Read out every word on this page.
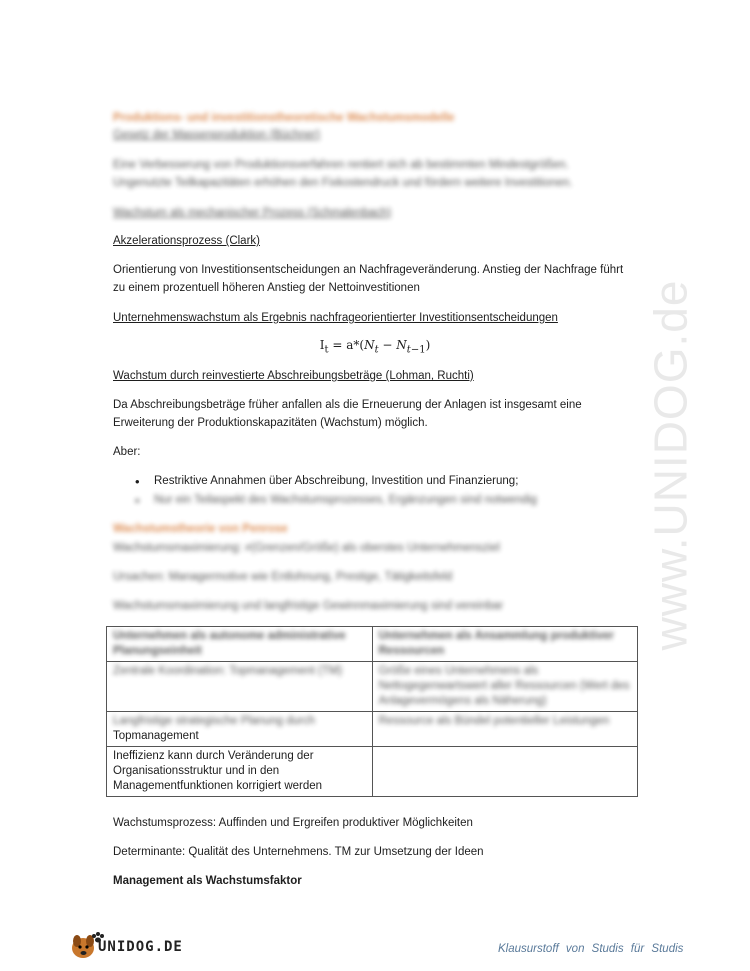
www.UNIDOG.de
Produktions- und investitionstheoretische Wachstumsmodelle
Gesetz der Massenproduktion (Büchner)
Eine Verbesserung von Produktionsverfahren rentiert sich ab bestimmten Mindestgrößen.
Ungenutzte Teilkapazitäten erhöhen den Fixkostendruck und fördern weitere Investitionen.
Wachstum als mechanischer Prozess (Schmalenbach)
Akzelerationsprozess (Clark)
Orientierung von Investitionsentscheidungen an Nachfrageveränderung. Anstieg der Nachfrage führt
zu einem prozentuell höheren Anstieg der Nettoinvestitionen
Unternehmenswachstum als Ergebnis nachfrageorientierter Investitionsentscheidungen
$I_t = a*(N_t - N_{t-1})$
Wachstum durch reinvestierte Abschreibungsbeträge (Lohman, Ruchti)
Da Abschreibungsbeträge früher anfallen als die Erneuerung der Anlagen ist insgesamt eine
Erweiterung der Produktionskapazitäten (Wachstum) möglich.
Aber:
• Restriktive Annahmen über Abschreibung, Investition und Finanzierung;
• Nur ein Teilaspekt des Wachstumsprozesses, Ergänzungen sind notwendig
Wachstumstheorie von Penrose
Wachstumsmaximierung: ≠(Grenzen/Größe) als oberstes Unternehmensziel
Ursachen: Managermotive wie Entlohnung, Prestige, Tätigkeitsfeld
Wachstumsmaximierung und langfristige Gewinnmaximierung sind vereinbar
Unternehmen als autonome administrative Planungseinheit	Unternehmen als Ansammlung produktiver Ressourcen
Zentrale Koordination: Topmanagement (TM)	Größe eines Unternehmens als Nettogegenwartswert aller Ressourcen (Wert des Anlagevermögens als Näherung)

Langfristige strategische Planung durch
Topmanagement	Ressource als Bündel potentieller Leistungen
Ineffizienz kann durch Veränderung der Organisationsstruktur und in den Managementfunktionen korrigiert werden	
Wachstumsprozess: Auffinden und Ergreifen produktiver Möglichkeiten
Determinante: Qualität des Unternehmens. TM zur Umsetzung der Ideen
Management als Wachstumsfaktor
UNIDOG.DE	Klausurstoff von Studis für Studis
